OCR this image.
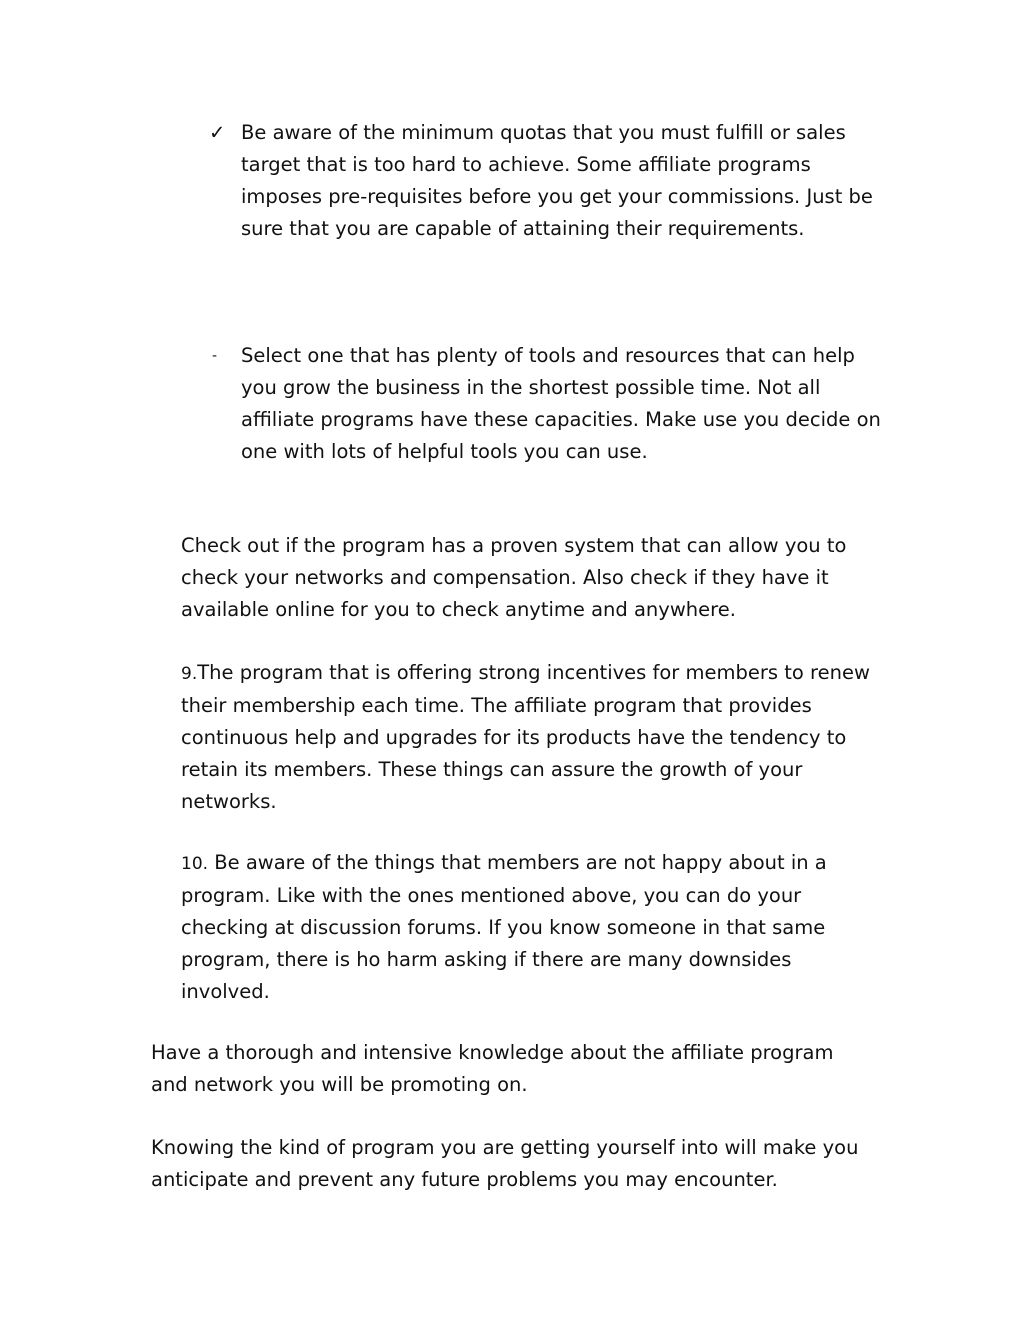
✓ Be aware of the minimum quotas that you must fulfill or sales target that is too hard to achieve. Some affiliate programs imposes pre-requisites before you get your commissions. Just be sure that you are capable of attaining their requirements.
-	Select one that has plenty of tools and resources that can help you grow the business in the shortest possible time. Not all affiliate programs have these capacities. Make use you decide on one with lots of helpful tools you can use.

Check out if the program has a proven system that can allow you to check your networks and compensation. Also check if they have it available online for you to check anytime and anywhere.

9.The program that is offering strong incentives for members to renew their membership each time. The affiliate program that provides continuous help and upgrades for its products have the tendency to retain its members. These things can assure the growth of your networks.

10. Be aware of the things that members are not happy about in a program. Like with the ones mentioned above, you can do your checking at discussion forums. If you know someone in that same program, there is ho harm asking if there are many downsides involved.

Have a thorough and intensive knowledge about the affiliate program and network you will be promoting on.

Knowing the kind of program you are getting yourself into will make you anticipate and prevent any future problems you may encounter.
